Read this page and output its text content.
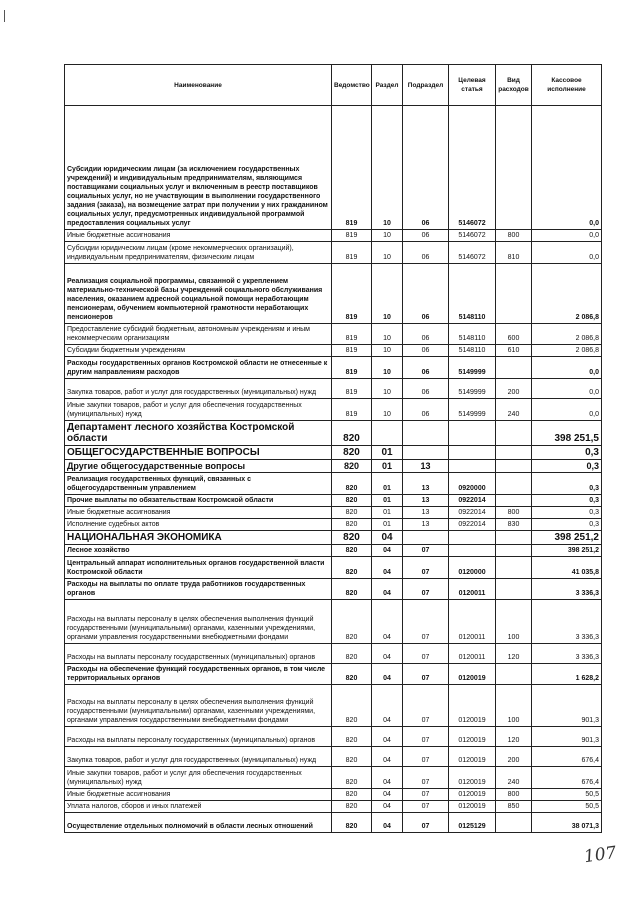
Наименование	Ведомство	Раздел	Подраздел	Целевая статья	Вид расходов	Кассовое исполнение
Субсидии юридическим лицам (за исключением государственных учреждений) и индивидуальным предпринимателям, являющимся поставщиками социальных услуг и включенным в реестр поставщиков социальных услуг, но не участвующим в выполнении государственного задания (заказа), на возмещение затрат при получении у них гражданином социальных услуг, предусмотренных индивидуальной программой предоставления социальных услуг	819	10	06	5146072		0,0
Иные бюджетные ассигнования	819	10	06	5146072	800	0,0
Субсидии юридическим лицам (кроме некоммерческих организаций), индивидуальным предпринимателям, физическим лицам	819	10	06	5146072	810	0,0
Реализация социальной программы, связанной с укреплением материально-технической базы учреждений социального обслуживания населения, оказанием адресной социальной помощи неработающим пенсионерам, обучением компьютерной грамотности неработающих пенсионеров	819	10	06	5148110		2 086,8
Предоставление субсидий бюджетным, автономным учреждениям и иным некоммерческим организациям	819	10	06	5148110	600	2 086,8
Субсидии бюджетным учреждениям	819	10	06	5148110	610	2 086,8
Расходы государственных органов Костромской области не отнесенные к другим направлениям расходов	819	10	06	5149999		0,0
Закупка товаров, работ и услуг для государственных (муниципальных) нужд	819	10	06	5149999	200	0,0
Иные закупки товаров, работ и услуг для обеспечения государственных (муниципальных) нужд	819	10	06	5149999	240	0,0
Департамент лесного хозяйства Костромской области	820					398 251,5
ОБЩЕГОСУДАРСТВЕННЫЕ ВОПРОСЫ	820	01				0,3
Другие общегосударственные вопросы	820	01	13			0,3
Реализация государственных функций, связанных с общегосударственным управлением	820	01	13	0920000		0,3
Прочие выплаты по обязательствам Костромской области	820	01	13	0922014		0,3
Иные бюджетные ассигнования	820	01	13	0922014	800	0,3
Исполнение судебных актов	820	01	13	0922014	830	0,3
НАЦИОНАЛЬНАЯ ЭКОНОМИКА	820	04				398 251,2
Лесное хозяйство	820	04	07			398 251,2
Центральный аппарат исполнительных органов государственной власти Костромской области	820	04	07	0120000		41 035,8
Расходы на выплаты по оплате труда работников государственных органов	820	04	07	0120011		3 336,3
Расходы на выплаты персоналу в целях обеспечения выполнения функций государственными (муниципальными) органами, казенными учреждениями, органами управления государственными внебюджетными фондами	820	04	07	0120011	100	3 336,3
Расходы на выплаты персоналу государственных (муниципальных) органов	820	04	07	0120011	120	3 336,3
Расходы на обеспечение функций государственных органов, в том числе территориальных органов	820	04	07	0120019		1 628,2
Расходы на выплаты персоналу в целях обеспечения выполнения функций государственными (муниципальными) органами, казенными учреждениями, органами управления государственными внебюджетными фондами	820	04	07	0120019	100	901,3
Расходы на выплаты персоналу государственных (муниципальных) органов	820	04	07	0120019	120	901,3
Закупка товаров, работ и услуг для государственных (муниципальных) нужд	820	04	07	0120019	200	676,4
Иные закупки товаров, работ и услуг для обеспечения государственных (муниципальных) нужд	820	04	07	0120019	240	676,4
Иные бюджетные ассигнования	820	04	07	0120019	800	50,5
Уплата налогов, сборов и иных платежей	820	04	07	0120019	850	50,5
Осуществление отдельных полномочий в области лесных отношений	820	04	07	0125129		38 071,3
107
